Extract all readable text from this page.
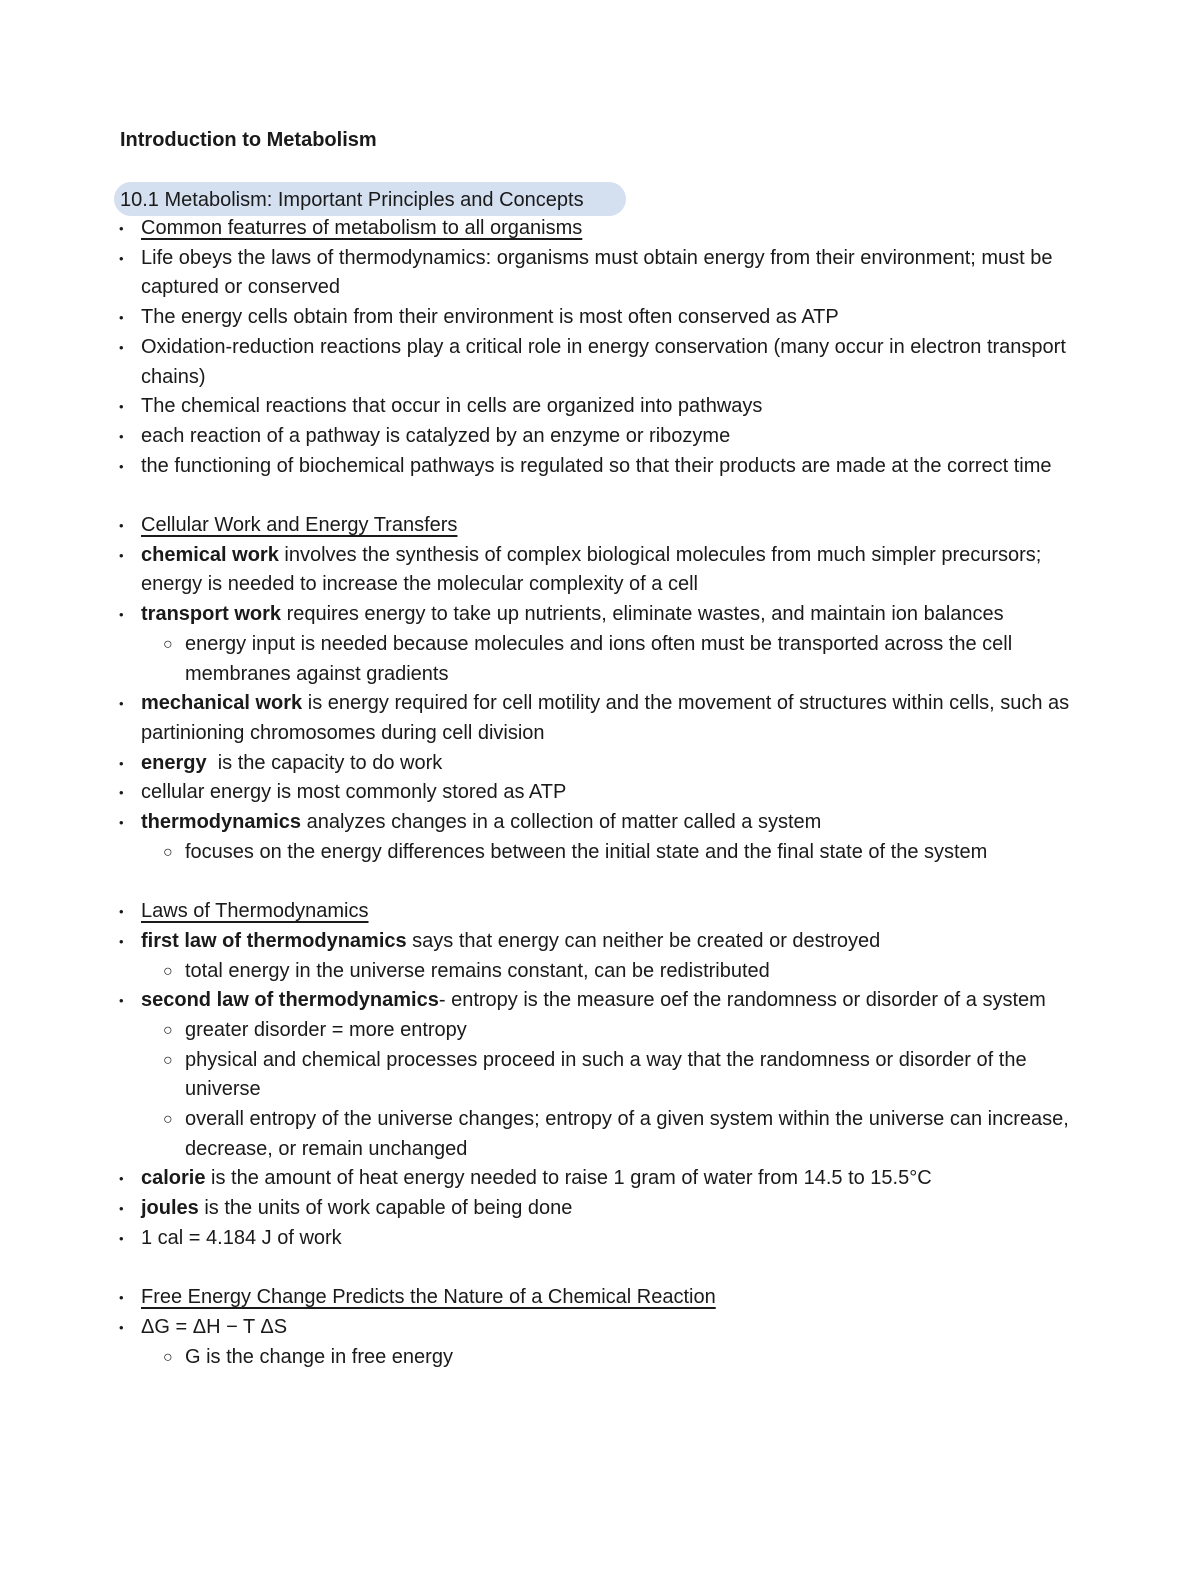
Introduction to Metabolism
10.1 Metabolism: Important Principles and Concepts
• Common featurres of metabolism to all organisms
• Life obeys the laws of thermodynamics: organisms must obtain energy from their environment; must be captured or conserved
• The energy cells obtain from their environment is most often conserved as ATP
• Oxidation-reduction reactions play a critical role in energy conservation (many occur in electron transport chains)
• The chemical reactions that occur in cells are organized into pathways
• each reaction of a pathway is catalyzed by an enzyme or ribozyme
• the functioning of biochemical pathways is regulated so that their products are made at the correct time
• Cellular Work and Energy Transfers
• chemical work involves the synthesis of complex biological molecules from much simpler precursors; energy is needed to increase the molecular complexity of a cell
• transport work requires energy to take up nutrients, eliminate wastes, and maintain ion balances
○ energy input is needed because molecules and ions often must be transported across the cell membranes against gradients
• mechanical work is energy required for cell motility and the movement of structures within cells, such as partinioning chromosomes during cell division
• energy  is the capacity to do work
• cellular energy is most commonly stored as ATP
• thermodynamics analyzes changes in a collection of matter called a system
○ focuses on the energy differences between the initial state and the final state of the system
• Laws of Thermodynamics
• first law of thermodynamics says that energy can neither be created or destroyed
○ total energy in the universe remains constant, can be redistributed
• second law of thermodynamics- entropy is the measure oef the randomness or disorder of a system
○ greater disorder = more entropy
○ physical and chemical processes proceed in such a way that the randomness or disorder of the universe
○ overall entropy of the universe changes; entropy of a given system within the universe can increase, decrease, or remain unchanged
• calorie is the amount of heat energy needed to raise 1 gram of water from 14.5 to 15.5°C
• joules is the units of work capable of being done
• 1 cal = 4.184 J of work
• Free Energy Change Predicts the Nature of a Chemical Reaction
• ΔG = ΔH − T ΔS
○ G is the change in free energy
